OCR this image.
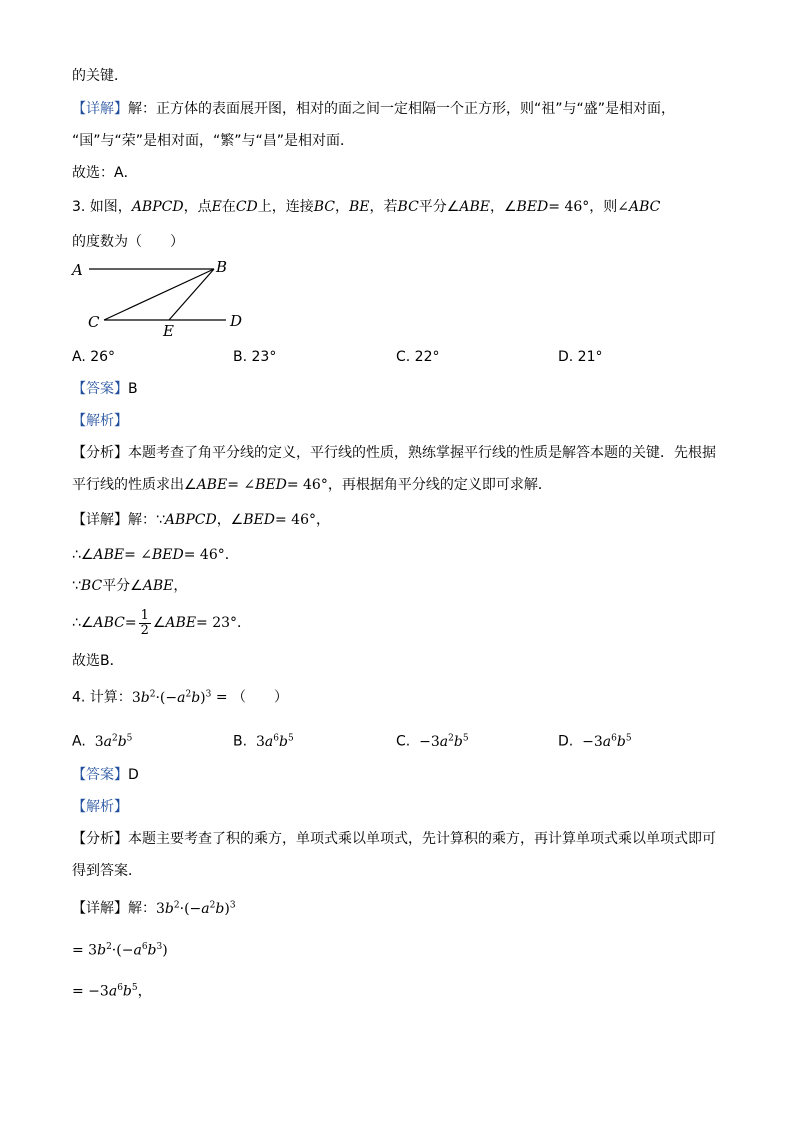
的关键．
【详解】解：正方体的表面展开图，相对的面之间一定相隔一个正方形，则“祖”与“盛”是相对面，
“国”与“荣”是相对面，“繁”与“昌”是相对面．
故选：A．
3. 如图，ABPCD，点E在CD上，连接BC，BE，若BC平分∠ABE，∠BED= 46°，则∠ABC
的度数为（　　）
A	B
C	D
E
A. 26°	B. 23°	C. 22°	D. 21°
【答案】B
【解析】
【分析】本题考查了角平分线的定义，平行线的性质，熟练掌握平行线的性质是解答本题的关键．先根据
平行线的性质求出∠ABE= ∠BED= 46°，再根据角平分线的定义即可求解．
【详解】解：∵ABPCD，∠BED= 46°，
∴∠ABE= ∠BED= 46°．
∵BC平分∠ABE，
∴∠ABC= $\frac{1}{2}$ ∠ABE= 23°．
故选B．
4. 计算：$3b^2\cdot(-a^2b)^3$ = （　　）
A. $3a^2b^5$	B. $3a^6b^5$	C. $-3a^2b^5$	D. $-3a^6b^5$
【答案】D
【解析】
【分析】本题主要考查了积的乘方，单项式乘以单项式，先计算积的乘方，再计算单项式乘以单项式即可
得到答案．
【详解】解：$3b^2\cdot(-a^2b)^3$
= $3b^2\cdot(-a^6b^3)$
= $-3a^6b^5$，
